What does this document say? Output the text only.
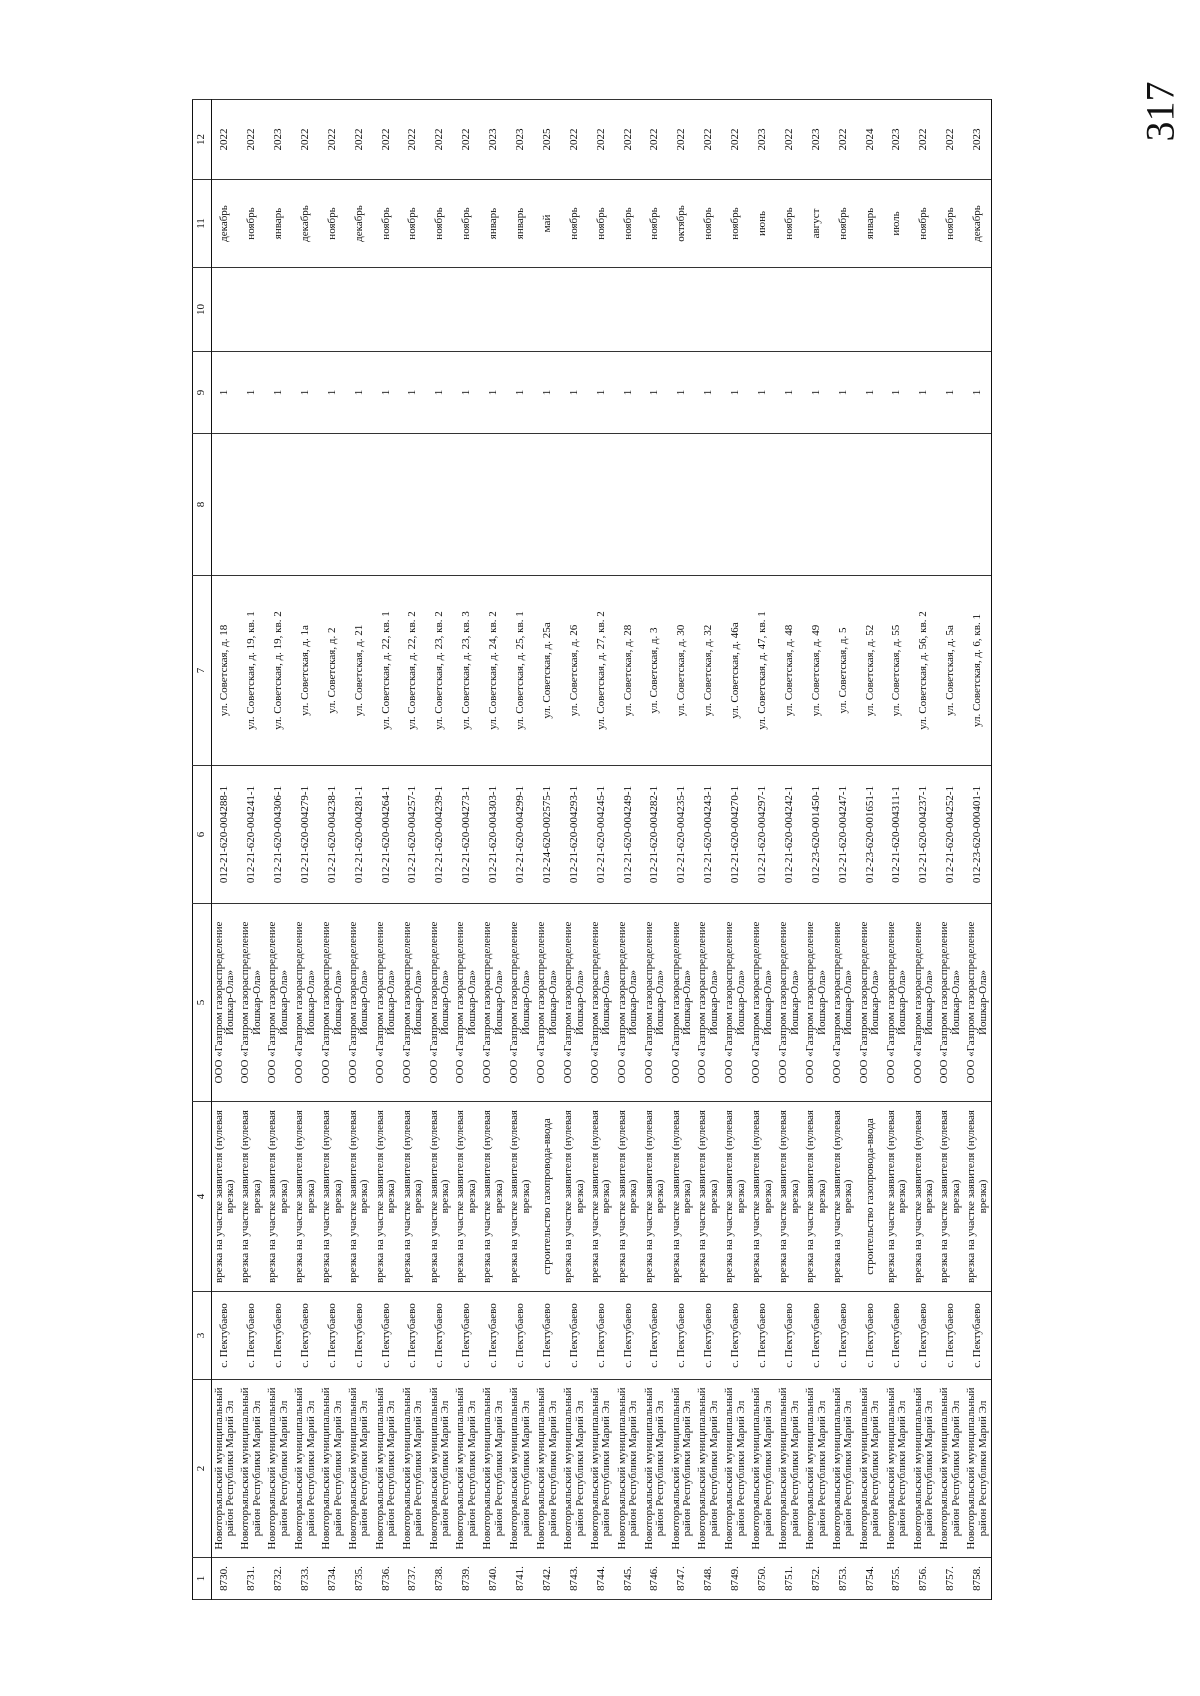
317
1	2	3	4	5	6	7	8	9	10	11	12
8730.	Новоторъяльский муниципальный район Республики Марий Эл	с. Пектубаево	врезка на участке заявителя (нулевая врезка)	ООО «Газпром газораспределение Йошкар-Ола»	012-21-620-004288-1	ул. Советская, д. 18		1		декабрь	2022
8731.	Новоторъяльский муниципальный район Республики Марий Эл	с. Пектубаево	врезка на участке заявителя (нулевая врезка)	ООО «Газпром газораспределение Йошкар-Ола»	012-21-620-004241-1	ул. Советская, д. 19, кв. 1		1		ноябрь	2022
8732.	Новоторъяльский муниципальный район Республики Марий Эл	с. Пектубаево	врезка на участке заявителя (нулевая врезка)	ООО «Газпром газораспределение Йошкар-Ола»	012-21-620-004306-1	ул. Советская, д. 19, кв. 2		1		январь	2023
8733.	Новоторъяльский муниципальный район Республики Марий Эл	с. Пектубаево	врезка на участке заявителя (нулевая врезка)	ООО «Газпром газораспределение Йошкар-Ола»	012-21-620-004279-1	ул. Советская, д. 1а		1		декабрь	2022
8734.	Новоторъяльский муниципальный район Республики Марий Эл	с. Пектубаево	врезка на участке заявителя (нулевая врезка)	ООО «Газпром газораспределение Йошкар-Ола»	012-21-620-004238-1	ул. Советская, д. 2		1		ноябрь	2022
8735.	Новоторъяльский муниципальный район Республики Марий Эл	с. Пектубаево	врезка на участке заявителя (нулевая врезка)	ООО «Газпром газораспределение Йошкар-Ола»	012-21-620-004281-1	ул. Советская, д. 21		1		декабрь	2022
8736.	Новоторъяльский муниципальный район Республики Марий Эл	с. Пектубаево	врезка на участке заявителя (нулевая врезка)	ООО «Газпром газораспределение Йошкар-Ола»	012-21-620-004264-1	ул. Советская, д. 22, кв. 1		1		ноябрь	2022
8737.	Новоторъяльский муниципальный район Республики Марий Эл	с. Пектубаево	врезка на участке заявителя (нулевая врезка)	ООО «Газпром газораспределение Йошкар-Ола»	012-21-620-004257-1	ул. Советская, д. 22, кв. 2		1		ноябрь	2022
8738.	Новоторъяльский муниципальный район Республики Марий Эл	с. Пектубаево	врезка на участке заявителя (нулевая врезка)	ООО «Газпром газораспределение Йошкар-Ола»	012-21-620-004239-1	ул. Советская, д. 23, кв. 2		1		ноябрь	2022
8739.	Новоторъяльский муниципальный район Республики Марий Эл	с. Пектубаево	врезка на участке заявителя (нулевая врезка)	ООО «Газпром газораспределение Йошкар-Ола»	012-21-620-004273-1	ул. Советская, д. 23, кв. 3		1		ноябрь	2022
8740.	Новоторъяльский муниципальный район Республики Марий Эл	с. Пектубаево	врезка на участке заявителя (нулевая врезка)	ООО «Газпром газораспределение Йошкар-Ола»	012-21-620-004303-1	ул. Советская, д. 24, кв. 2		1		январь	2023
8741.	Новоторъяльский муниципальный район Республики Марий Эл	с. Пектубаево	врезка на участке заявителя (нулевая врезка)	ООО «Газпром газораспределение Йошкар-Ола»	012-21-620-004299-1	ул. Советская, д. 25, кв. 1		1		январь	2023
8742.	Новоторъяльский муниципальный район Республики Марий Эл	с. Пектубаево	строительство газопровода-ввода	ООО «Газпром газораспределение Йошкар-Ола»	012-24-620-002575-1	ул. Советская, д. 25а		1		май	2025
8743.	Новоторъяльский муниципальный район Республики Марий Эл	с. Пектубаево	врезка на участке заявителя (нулевая врезка)	ООО «Газпром газораспределение Йошкар-Ола»	012-21-620-004293-1	ул. Советская, д. 26		1		ноябрь	2022
8744.	Новоторъяльский муниципальный район Республики Марий Эл	с. Пектубаево	врезка на участке заявителя (нулевая врезка)	ООО «Газпром газораспределение Йошкар-Ола»	012-21-620-004245-1	ул. Советская, д. 27, кв. 2		1		ноябрь	2022
8745.	Новоторъяльский муниципальный район Республики Марий Эл	с. Пектубаево	врезка на участке заявителя (нулевая врезка)	ООО «Газпром газораспределение Йошкар-Ола»	012-21-620-004249-1	ул. Советская, д. 28		1		ноябрь	2022
8746.	Новоторъяльский муниципальный район Республики Марий Эл	с. Пектубаево	врезка на участке заявителя (нулевая врезка)	ООО «Газпром газораспределение Йошкар-Ола»	012-21-620-004282-1	ул. Советская, д. 3		1		ноябрь	2022
8747.	Новоторъяльский муниципальный район Республики Марий Эл	с. Пектубаево	врезка на участке заявителя (нулевая врезка)	ООО «Газпром газораспределение Йошкар-Ола»	012-21-620-004235-1	ул. Советская, д. 30		1		октябрь	2022
8748.	Новоторъяльский муниципальный район Республики Марий Эл	с. Пектубаево	врезка на участке заявителя (нулевая врезка)	ООО «Газпром газораспределение Йошкар-Ола»	012-21-620-004243-1	ул. Советская, д. 32		1		ноябрь	2022
8749.	Новоторъяльский муниципальный район Республики Марий Эл	с. Пектубаево	врезка на участке заявителя (нулевая врезка)	ООО «Газпром газораспределение Йошкар-Ола»	012-21-620-004270-1	ул. Советская, д. 46а		1		ноябрь	2022
8750.	Новоторъяльский муниципальный район Республики Марий Эл	с. Пектубаево	врезка на участке заявителя (нулевая врезка)	ООО «Газпром газораспределение Йошкар-Ола»	012-21-620-004297-1	ул. Советская, д. 47, кв. 1		1		июнь	2023
8751.	Новоторъяльский муниципальный район Республики Марий Эл	с. Пектубаево	врезка на участке заявителя (нулевая врезка)	ООО «Газпром газораспределение Йошкар-Ола»	012-21-620-004242-1	ул. Советская, д. 48		1		ноябрь	2022
8752.	Новоторъяльский муниципальный район Республики Марий Эл	с. Пектубаево	врезка на участке заявителя (нулевая врезка)	ООО «Газпром газораспределение Йошкар-Ола»	012-23-620-001450-1	ул. Советская, д. 49		1		август	2023
8753.	Новоторъяльский муниципальный район Республики Марий Эл	с. Пектубаево	врезка на участке заявителя (нулевая врезка)	ООО «Газпром газораспределение Йошкар-Ола»	012-21-620-004247-1	ул. Советская, д. 5		1		ноябрь	2022
8754.	Новоторъяльский муниципальный район Республики Марий Эл	с. Пектубаево	строительство газопровода-ввода	ООО «Газпром газораспределение Йошкар-Ола»	012-23-620-001651-1	ул. Советская, д. 52		1		январь	2024
8755.	Новоторъяльский муниципальный район Республики Марий Эл	с. Пектубаево	врезка на участке заявителя (нулевая врезка)	ООО «Газпром газораспределение Йошкар-Ола»	012-21-620-004311-1	ул. Советская, д. 55		1		июль	2023
8756.	Новоторъяльский муниципальный район Республики Марий Эл	с. Пектубаево	врезка на участке заявителя (нулевая врезка)	ООО «Газпром газораспределение Йошкар-Ола»	012-21-620-004237-1	ул. Советская, д. 56, кв. 2		1		ноябрь	2022
8757.	Новоторъяльский муниципальный район Республики Марий Эл	с. Пектубаево	врезка на участке заявителя (нулевая врезка)	ООО «Газпром газораспределение Йошкар-Ола»	012-21-620-004252-1	ул. Советская, д. 5а		1		ноябрь	2022
8758.	Новоторъяльский муниципальный район Республики Марий Эл	с. Пектубаево	врезка на участке заявителя (нулевая врезка)	ООО «Газпром газораспределение Йошкар-Ола»	012-23-620-000401-1	ул. Советская, д. 6, кв. 1		1		декабрь	2023
